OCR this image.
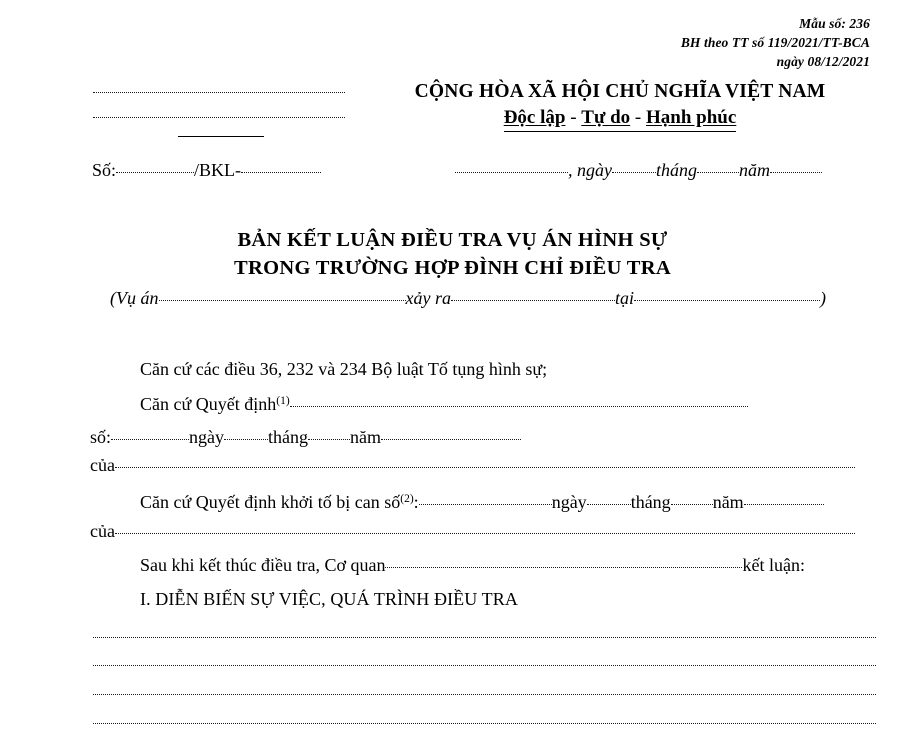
Mẫu số: 236
BH theo TT số 119/2021/TT-BCA
ngày 08/12/2021
CỘNG HÒA XÃ HỘI CHỦ NGHĨA VIỆT NAM
Độc lập - Tự do - Hạnh phúc
Số:	/BKL-	, ngày tháng năm
BẢN KẾT LUẬN ĐIỀU TRA VỤ ÁN HÌNH SỰ
TRONG TRƯỜNG HỢP ĐÌNH CHỈ ĐIỀU TRA
(Vụ án	xảy ra	tại	)
Căn cứ các điều 36, 232 và 234 Bộ luật Tố tụng hình sự;
Căn cứ Quyết định$^{(1)}$
số:	ngày tháng năm
của
Căn cứ Quyết định khởi tố bị can số$^{(2)}$:	ngày tháng năm
của
Sau khi kết thúc điều tra, Cơ quan	kết luận:
I. DIỄN BIẾN SỰ VIỆC, QUÁ TRÌNH ĐIỀU TRA
